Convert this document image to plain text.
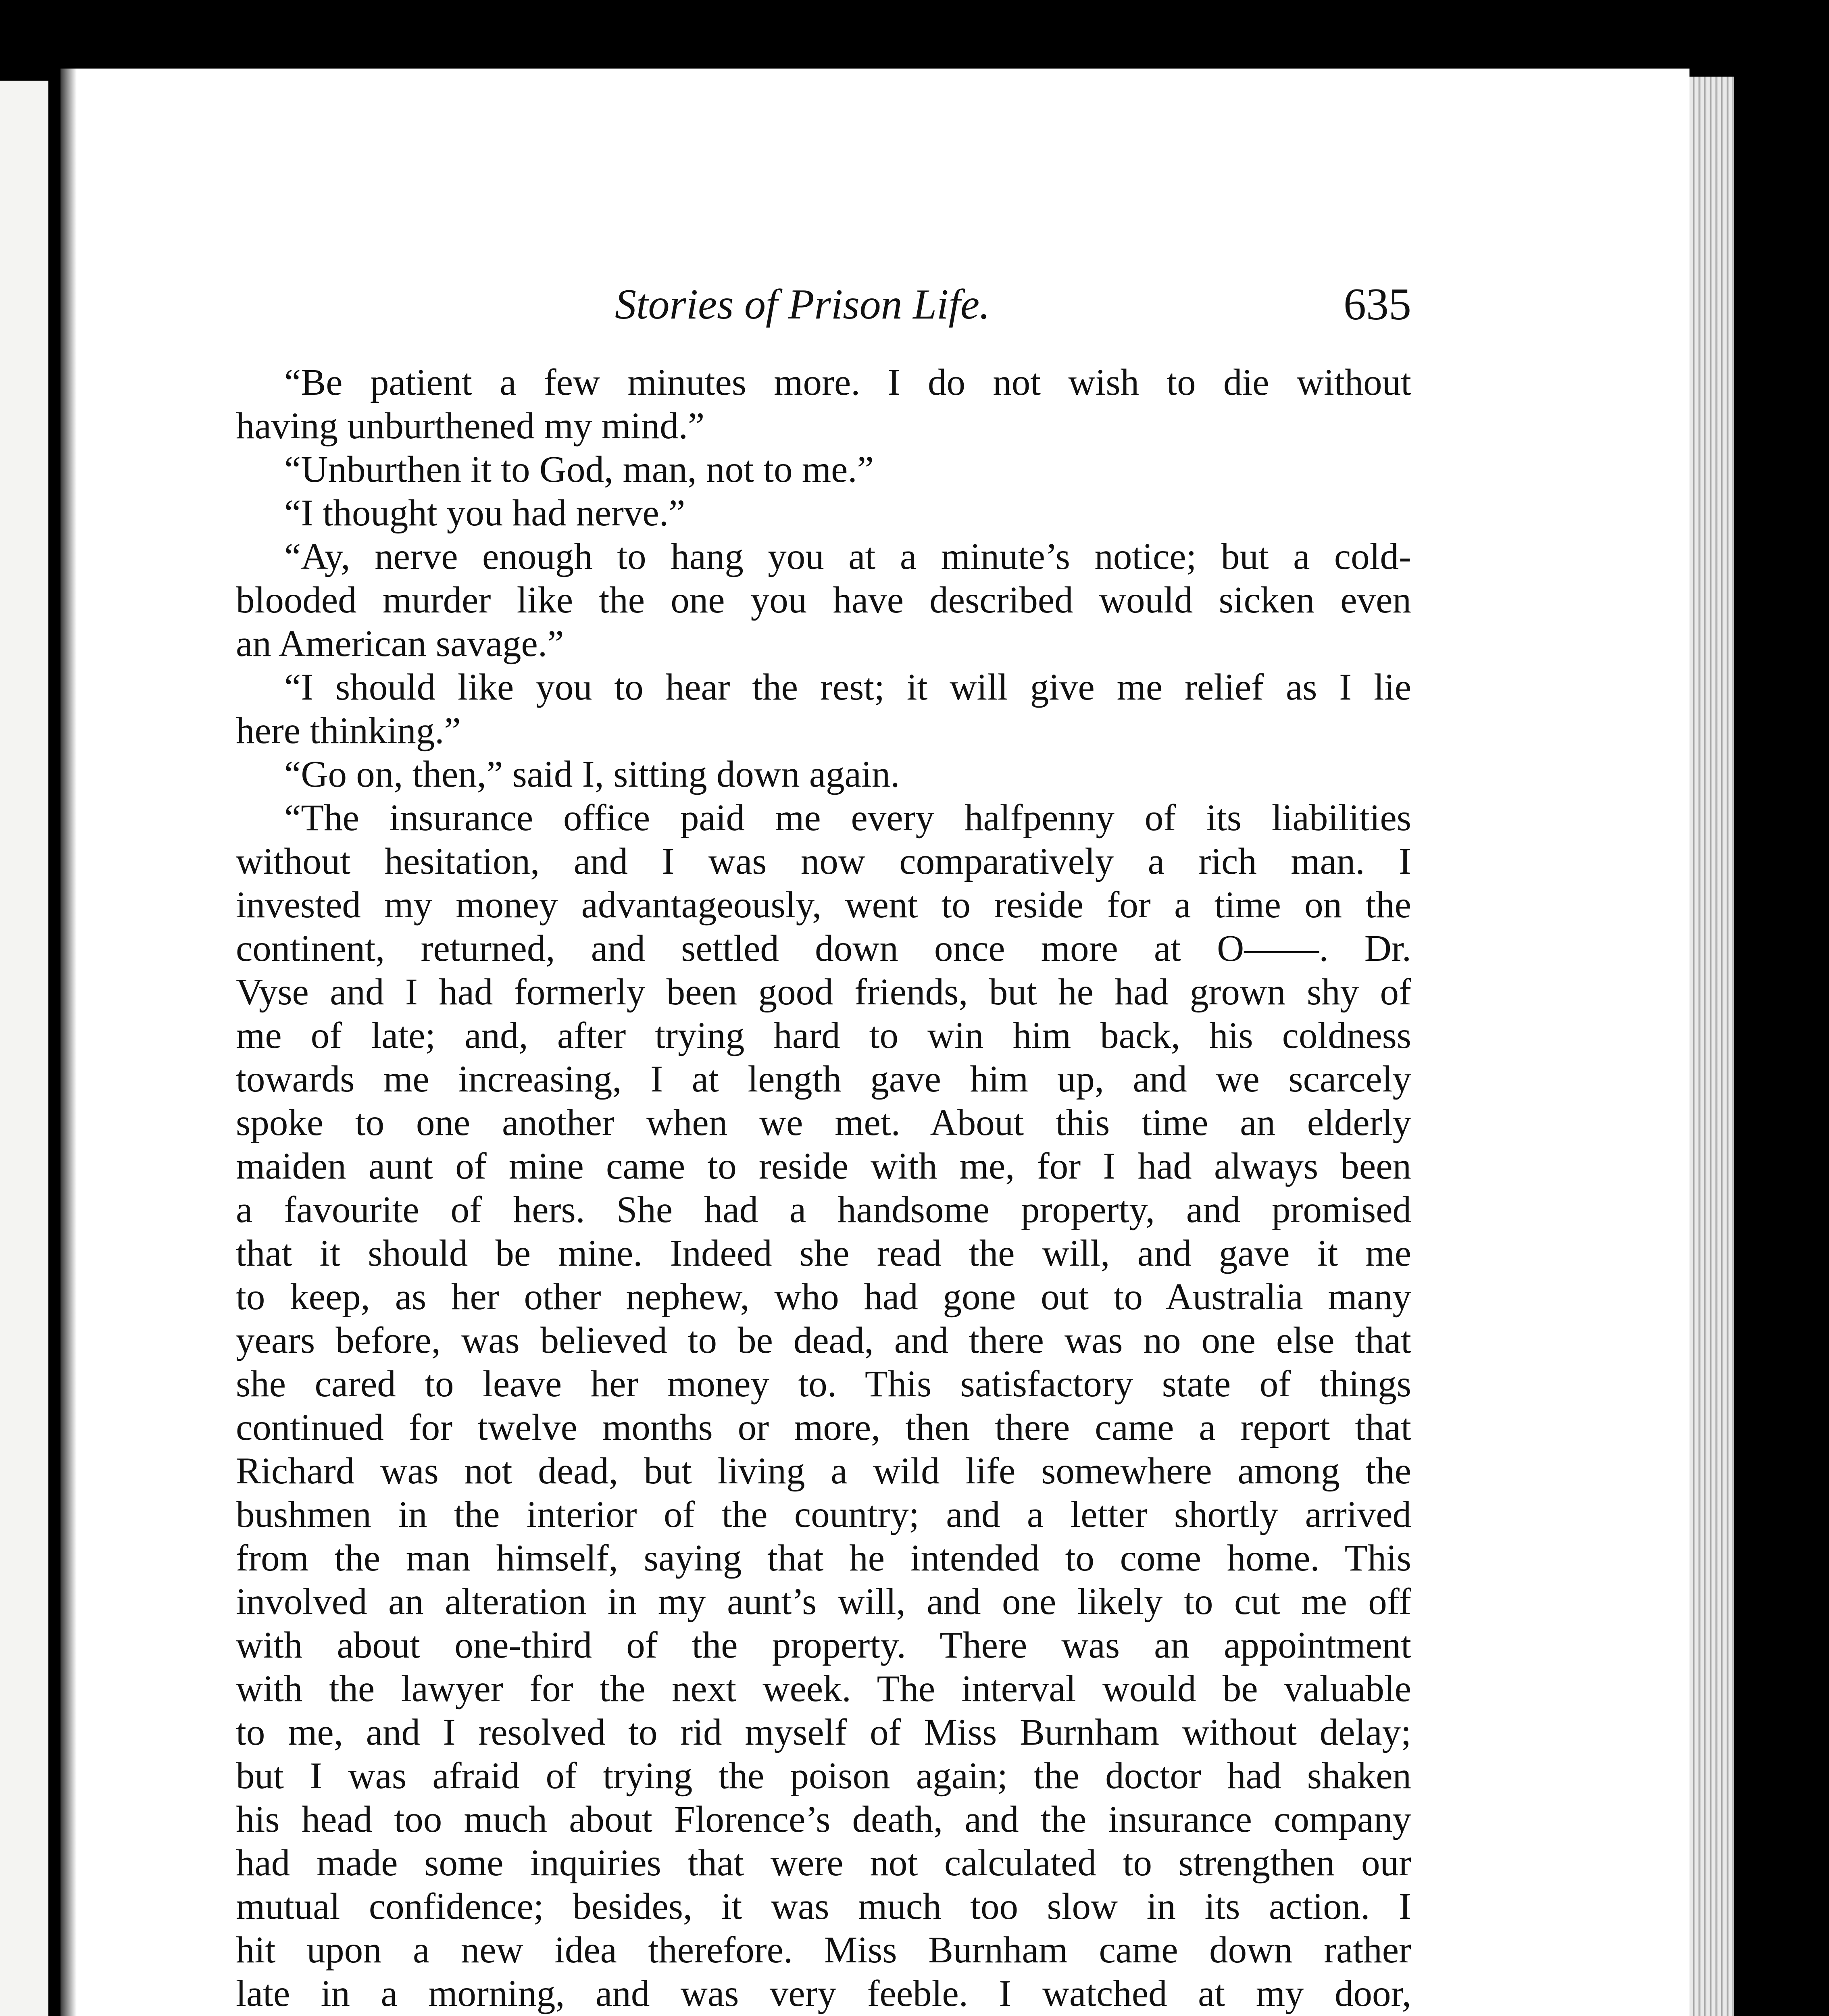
Stories of Prison Life.	635
“Be patient a few minutes more. I do not wish to die without
having unburthened my mind.”
“Unburthen it to God, man, not to me.”
“I thought you had nerve.”
“Ay, nerve enough to hang you at a minute’s notice; but a cold-
blooded murder like the one you have described would sicken even
an American savage.”
“I should like you to hear the rest; it will give me relief as I lie
here thinking.”
“Go on, then,” said I, sitting down again.
“The insurance office paid me every halfpenny of its liabilities
without hesitation, and I was now comparatively a rich man. I
invested my money advantageously, went to reside for a time on the
continent, returned, and settled down once more at O——. Dr.
Vyse and I had formerly been good friends, but he had grown shy of
me of late; and, after trying hard to win him back, his coldness
towards me increasing, I at length gave him up, and we scarcely
spoke to one another when we met. About this time an elderly
maiden aunt of mine came to reside with me, for I had always been
a favourite of hers. She had a handsome property, and promised
that it should be mine. Indeed she read the will, and gave it me
to keep, as her other nephew, who had gone out to Australia many
years before, was believed to be dead, and there was no one else that
she cared to leave her money to. This satisfactory state of things
continued for twelve months or more, then there came a report that
Richard was not dead, but living a wild life somewhere among the
bushmen in the interior of the country; and a letter shortly arrived
from the man himself, saying that he intended to come home. This
involved an alteration in my aunt’s will, and one likely to cut me off
with about one-third of the property. There was an appointment
with the lawyer for the next week. The interval would be valuable
to me, and I resolved to rid myself of Miss Burnham without delay;
but I was afraid of trying the poison again; the doctor had shaken
his head too much about Florence’s death, and the insurance company
had made some inquiries that were not calculated to strengthen our
mutual confidence; besides, it was much too slow in its action. I
hit upon a new idea therefore. Miss Burnham came down rather
late in a morning, and was very feeble. I watched at my door,
